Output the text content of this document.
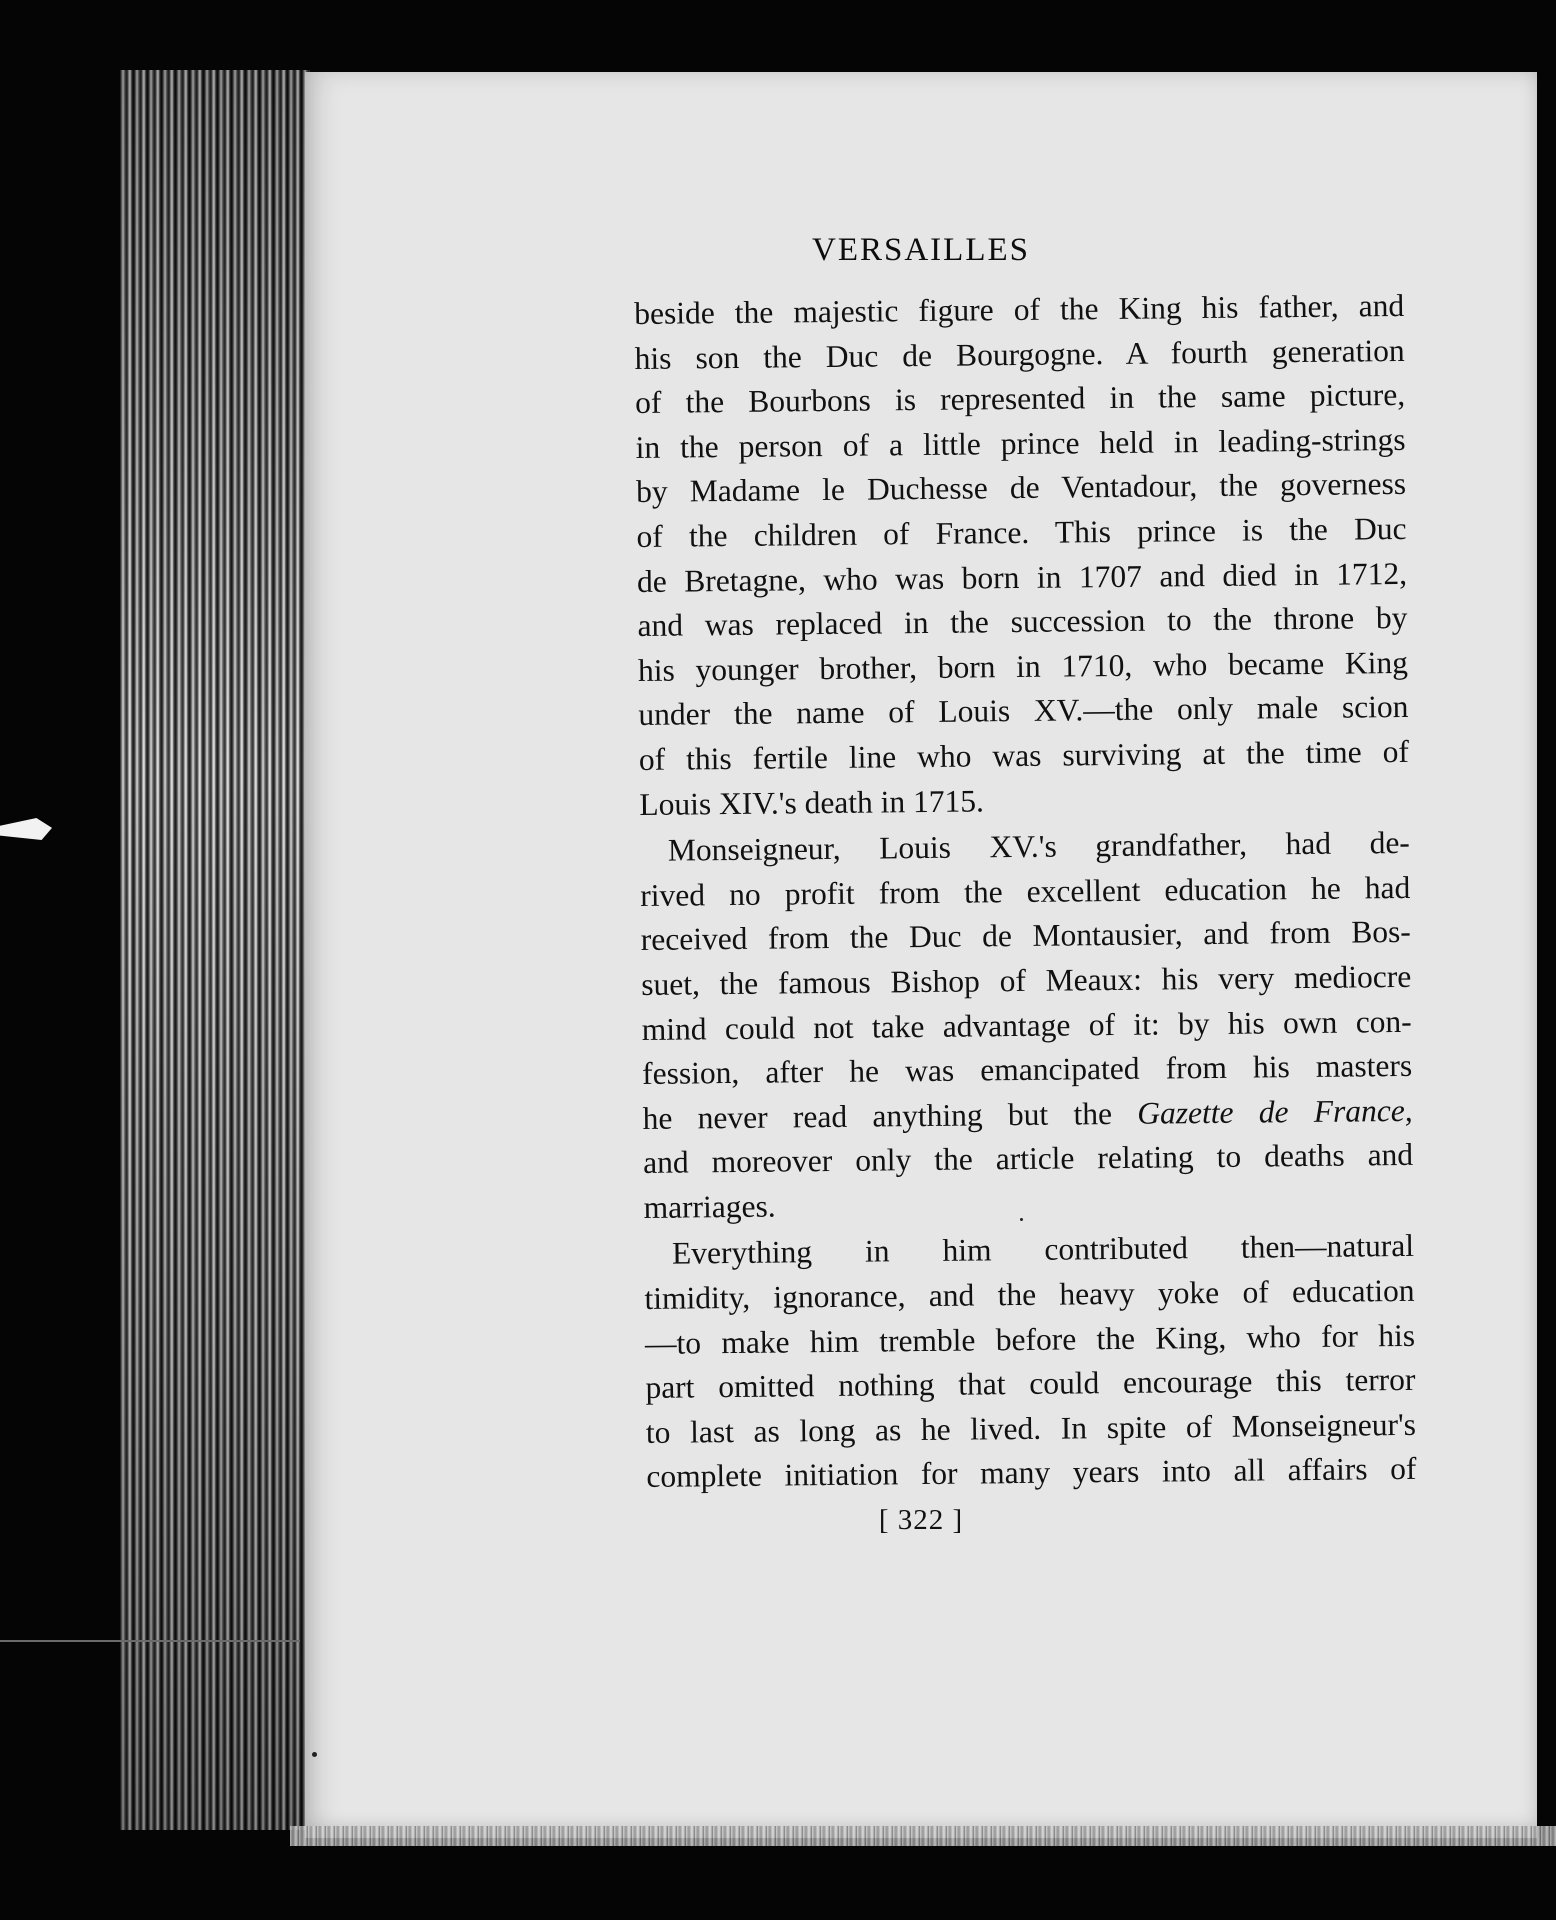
VERSAILLES
beside the majestic figure of the King his father, and
his son the Duc de Bourgogne. A fourth generation
of the Bourbons is represented in the same picture,
in the person of a little prince held in leading-strings
by Madame le Duchesse de Ventadour, the governess
of the children of France. This prince is the Duc
de Bretagne, who was born in 1707 and died in 1712,
and was replaced in the succession to the throne by
his younger brother, born in 1710, who became King
under the name of Louis XV.—the only male scion
of this fertile line who was surviving at the time of
Louis XIV.'s death in 1715.
Monseigneur, Louis XV.'s grandfather, had de-
rived no profit from the excellent education he had
received from the Duc de Montausier, and from Bos-
suet, the famous Bishop of Meaux: his very mediocre
mind could not take advantage of it: by his own con-
fession, after he was emancipated from his masters
he never read anything but the Gazette de France,
and moreover only the article relating to deaths and
marriages.
Everything in him contributed then—natural
timidity, ignorance, and the heavy yoke of education
—to make him tremble before the King, who for his
part omitted nothing that could encourage this terror
to last as long as he lived. In spite of Monseigneur's
complete initiation for many years into all affairs of
[ 322 ]
